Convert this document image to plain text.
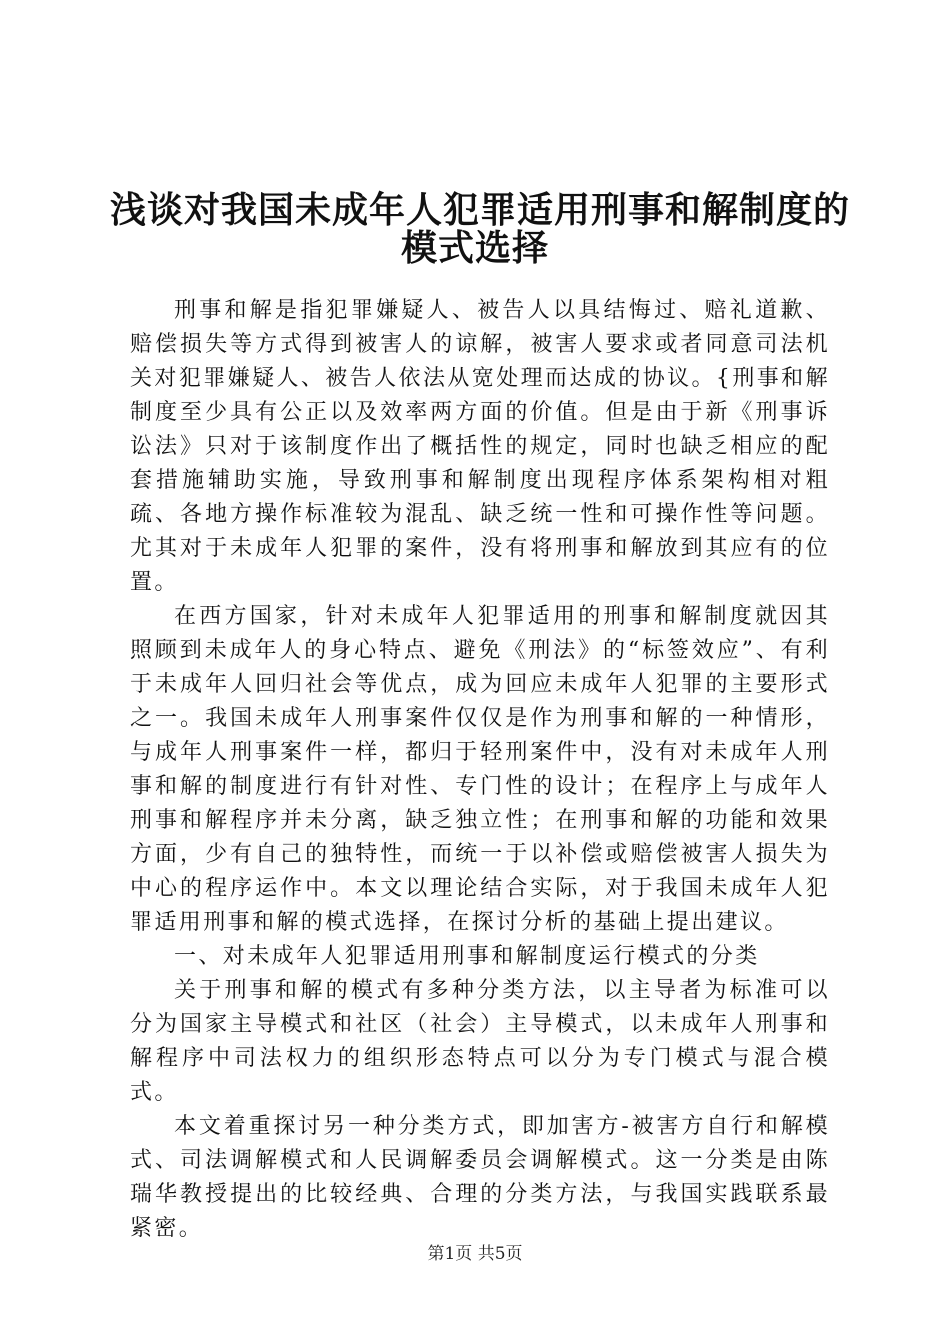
浅谈对我国未成年人犯罪适用刑事和解制度的
模式选择

刑事和解是指犯罪嫌疑人、被告人以具结悔过、赔礼道歉、赔偿损失等方式得到被害人的谅解，被害人要求或者同意司法机关对犯罪嫌疑人、被告人依法从宽处理而达成的协议。{刑事和解制度至少具有公正以及效率两方面的价值。但是由于新《刑事诉讼法》只对于该制度作出了概括性的规定，同时也缺乏相应的配套措施辅助实施，导致刑事和解制度出现程序体系架构相对粗疏、各地方操作标准较为混乱、缺乏统一性和可操作性等问题。尤其对于未成年人犯罪的案件，没有将刑事和解放到其应有的位置。

在西方国家，针对未成年人犯罪适用的刑事和解制度就因其照顾到未成年人的身心特点、避免《刑法》的“标签效应”、有利于未成年人回归社会等优点，成为回应未成年人犯罪的主要形式之一。我国未成年人刑事案件仅仅是作为刑事和解的一种情形，与成年人刑事案件一样，都归于轻刑案件中，没有对未成年人刑事和解的制度进行有针对性、专门性的设计；在程序上与成年人刑事和解程序并未分离，缺乏独立性；在刑事和解的功能和效果方面，少有自己的独特性，而统一于以补偿或赔偿被害人损失为中心的程序运作中。本文以理论结合实际，对于我国未成年人犯罪适用刑事和解的模式选择，在探讨分析的基础上提出建议。

一、对未成年人犯罪适用刑事和解制度运行模式的分类

关于刑事和解的模式有多种分类方法，以主导者为标准可以分为国家主导模式和社区（社会）主导模式，以未成年人刑事和解程序中司法权力的组织形态特点可以分为专门模式与混合模式。

本文着重探讨另一种分类方式，即加害方-被害方自行和解模式、司法调解模式和人民调解委员会调解模式。这一分类是由陈瑞华教授提出的比较经典、合理的分类方法，与我国实践联系最紧密。

第1页 共5页
